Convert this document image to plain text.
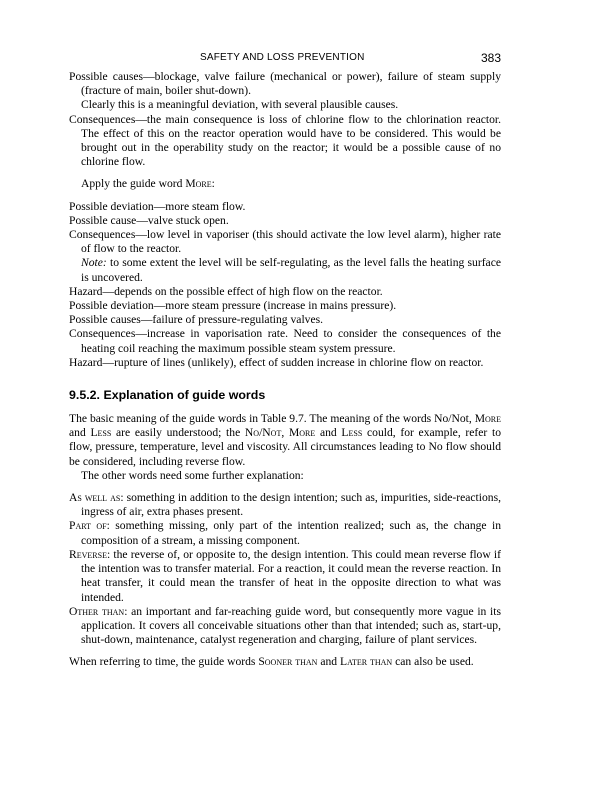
SAFETY AND LOSS PREVENTION	383

Possible causes—blockage, valve failure (mechanical or power), failure of steam supply (fracture of main, boiler shut-down).

Clearly this is a meaningful deviation, with several plausible causes.

Consequences—the main consequence is loss of chlorine flow to the chlorination reactor. The effect of this on the reactor operation would have to be considered. This would be brought out in the operability study on the reactor; it would be a possible cause of no chlorine flow.

Apply the guide word More:

Possible deviation—more steam flow.

Possible cause—valve stuck open.

Consequences—low level in vaporiser (this should activate the low level alarm), higher rate of flow to the reactor.

Note: to some extent the level will be self-regulating, as the level falls the heating surface is uncovered.

Hazard—depends on the possible effect of high flow on the reactor.

Possible deviation—more steam pressure (increase in mains pressure).

Possible causes—failure of pressure-regulating valves.

Consequences—increase in vaporisation rate. Need to consider the consequences of the heating coil reaching the maximum possible steam system pressure.

Hazard—rupture of lines (unlikely), effect of sudden increase in chlorine flow on reactor.

9.5.2. Explanation of guide words

The basic meaning of the guide words in Table 9.7. The meaning of the words No/Not, More and Less are easily understood; the No/Not, More and Less could, for example, refer to flow, pressure, temperature, level and viscosity. All circumstances leading to No flow should be considered, including reverse flow.

The other words need some further explanation:

As well as: something in addition to the design intention; such as, impurities, side-reactions, ingress of air, extra phases present.

Part of: something missing, only part of the intention realized; such as, the change in composition of a stream, a missing component.

Reverse: the reverse of, or opposite to, the design intention. This could mean reverse flow if the intention was to transfer material. For a reaction, it could mean the reverse reaction. In heat transfer, it could mean the transfer of heat in the opposite direction to what was intended.

Other than: an important and far-reaching guide word, but consequently more vague in its application. It covers all conceivable situations other than that intended; such as, start-up, shut-down, maintenance, catalyst regeneration and charging, failure of plant services.

When referring to time, the guide words Sooner than and Later than can also be used.
